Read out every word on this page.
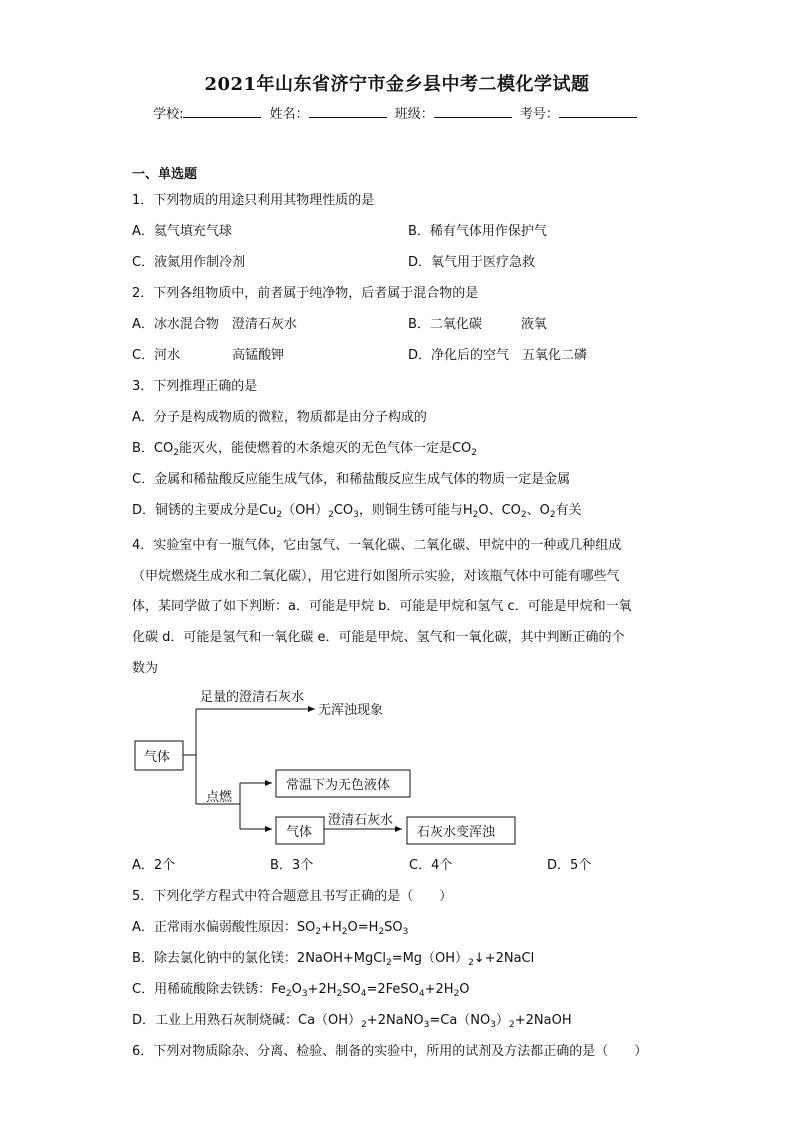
2021年山东省济宁市金乡县中考二模化学试题
学校:	姓名：	班级：	考号：
一、单选题
1．下列物质的用途只利用其物理性质的是
A．氦气填充气球	B．稀有气体用作保护气
C．液氮用作制冷剂	D．氧气用于医疗急救
2．下列各组物质中，前者属于纯净物，后者属于混合物的是
A．冰水混合物　澄清石灰水	B．二氧化碳　　　液氧
C．河水　　　　高锰酸钾	D．净化后的空气　五氧化二磷
3．下列推理正确的是
A．分子是构成物质的微粒，物质都是由分子构成的
B．$CO_2$能灭火，能使燃着的木条熄灭的无色气体一定是$CO_2$
C．金属和稀盐酸反应能生成气体，和稀盐酸反应生成气体的物质一定是金属
D．铜锈的主要成分是$Cu_2(OH)_2CO_3$，则铜生锈可能与$H_2O$、$CO_2$、$O_2$有关
4．实验室中有一瓶气体，它由氢气、一氧化碳、二氧化碳、甲烷中的一种或几种组成
（甲烷燃烧生成水和二氧化碳），用它进行如图所示实验，对该瓶气体中可能有哪些气
体，某同学做了如下判断：a．可能是甲烷 b．可能是甲烷和氢气 c．可能是甲烷和一氧
化碳 d．可能是氢气和一氧化碳 e．可能是甲烷、氢气和一氧化碳，其中判断正确的个
数为
气体
足量的澄清石灰水
无浑浊现象
点燃
常温下为无色液体
气体
澄清石灰水
石灰水变浑浊
A．2个	B．3个	C．4个	D．5个
5．下列化学方程式中符合题意且书写正确的是（　　）
A．正常雨水偏弱酸性原因：$SO_2+H_2O=H_2SO_3$
B．除去氯化钠中的氯化镁：$2NaOH+MgCl_2=Mg(OH)_2↓+2NaCl$
C．用稀硫酸除去铁锈：$Fe_2O_3+2H_2SO_4=2FeSO_4+2H_2O$
D．工业上用熟石灰制烧碱：$Ca(OH)_2+2NaNO_3=Ca(NO_3)_2+2NaOH$
6．下列对物质除杂、分离、检验、制备的实验中，所用的试剂及方法都正确的是（　　）
